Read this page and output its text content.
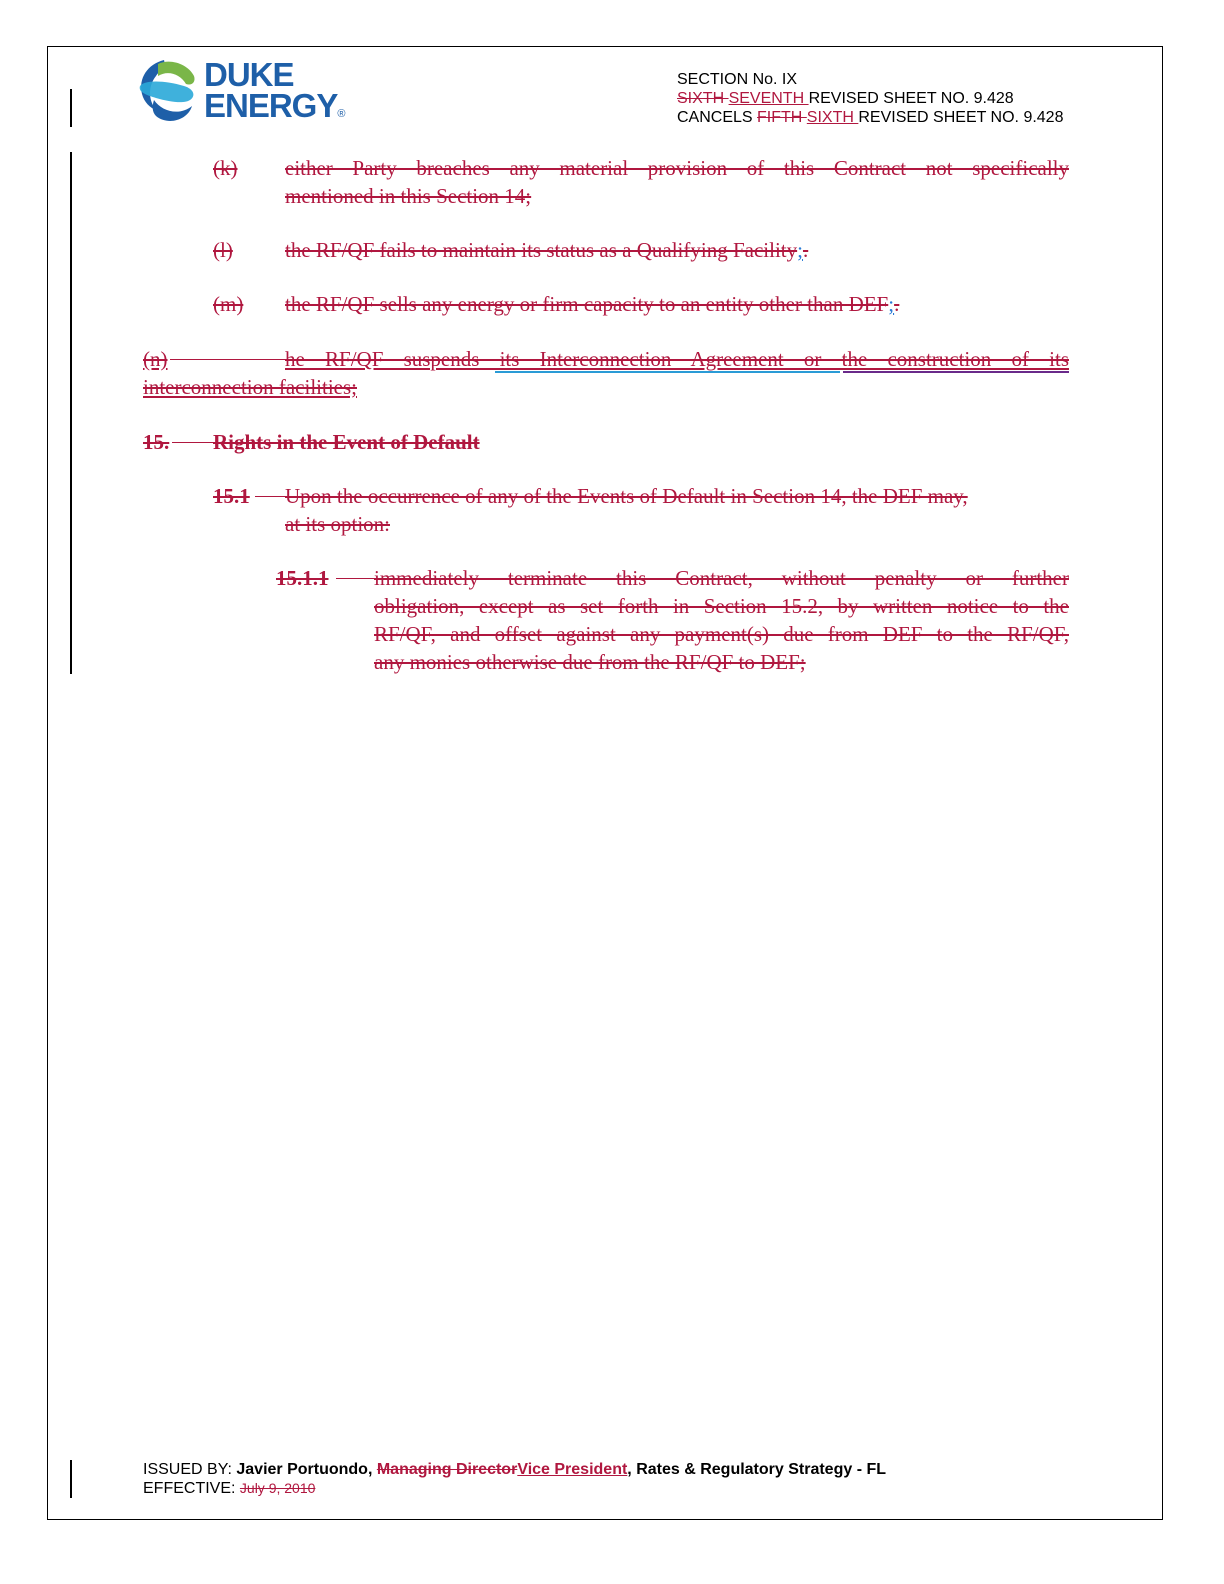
DUKE
ENERGY®
SECTION No. IX
SIXTH SEVENTH REVISED SHEET NO. 9.428
CANCELS FIFTH SIXTH REVISED SHEET NO. 9.428
(k)	either Party breaches any material provision of this Contract not specifically
mentioned in this Section 14;
(l)	the RF/QF fails to maintain its status as a Qualifying Facility;.
(m)	the RF/QF sells any energy or firm capacity to an entity other than DEF;.
(n)	he RF/QF suspends its Interconnection Agreement or the construction of its
interconnection facilities;
15.	Rights in the Event of Default
15.1 Upon the occurrence of any of the Events of Default in Section 14, the DEF may,
at its option:
15.1.1 immediately terminate this Contract, without penalty or further
obligation, except as set forth in Section 15.2, by written notice to the
RF/QF, and offset against any payment(s) due from DEF to the RF/QF,
any monies otherwise due from the RF/QF to DEF;
ISSUED BY: Javier Portuondo, Managing DirectorVice President, Rates & Regulatory Strategy - FL
EFFECTIVE: July 9, 2010
